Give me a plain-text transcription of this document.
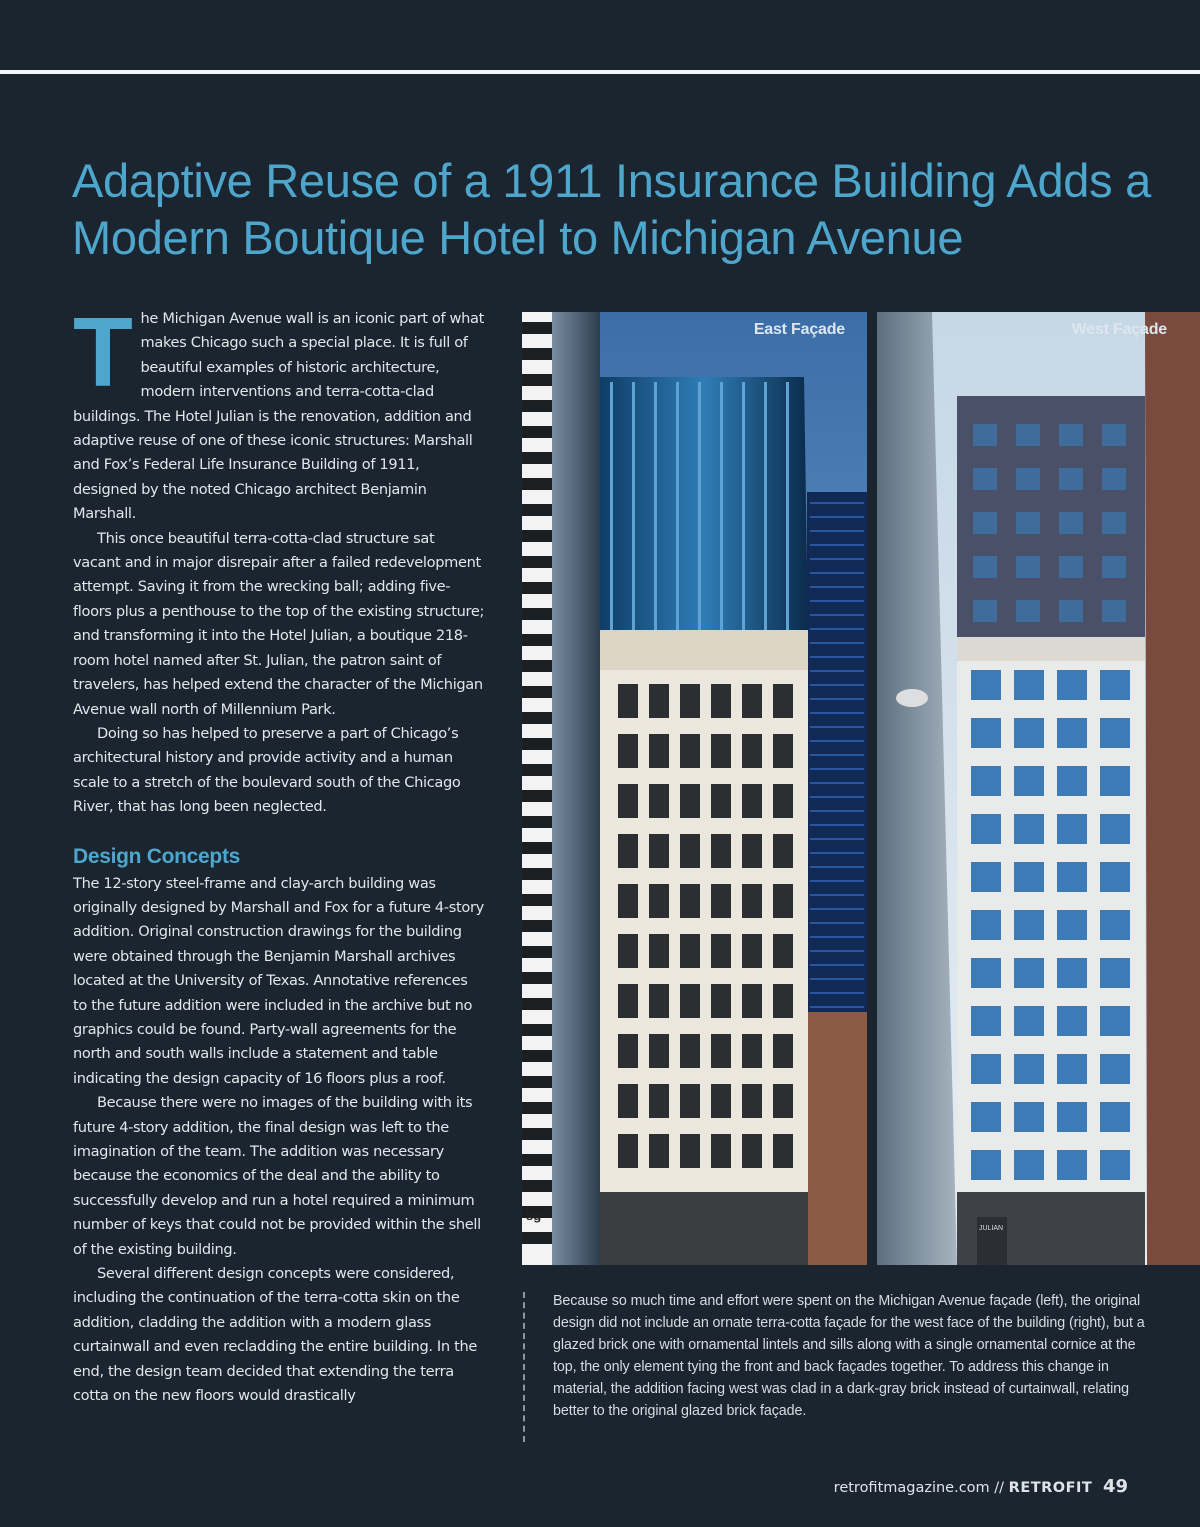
Adaptive Reuse of a 1911 Insurance Building Adds a Modern Boutique Hotel to Michigan Avenue

The Michigan Avenue wall is an iconic part of what makes Chicago such a special place. It is full of beautiful examples of historic architecture, modern interventions and terra-cotta-clad buildings. The Hotel Julian is the renovation, addition and adaptive reuse of one of these iconic structures: Marshall and Fox’s Federal Life Insurance Building of 1911, designed by the noted Chicago architect Benjamin Marshall.

This once beautiful terra-cotta-clad structure sat vacant and in major disrepair after a failed redevelopment attempt. Saving it from the wrecking ball; adding five-floors plus a penthouse to the top of the existing structure; and transforming it into the Hotel Julian, a boutique 218-room hotel named after St. Julian, the patron saint of travelers, has helped extend the character of the Michigan Avenue wall north of Millennium Park.

Doing so has helped to preserve a part of Chicago’s architectural history and provide activity and a human scale to a stretch of the boulevard south of the Chicago River, that has long been neglected.

Design Concepts

The 12-story steel-frame and clay-arch building was originally designed by Marshall and Fox for a future 4-story addition. Original construction drawings for the building were obtained through the Benjamin Marshall archives located at the University of Texas. Annotative references to the future addition were included in the archive but no graphics could be found. Party-wall agreements for the north and south walls include a statement and table indicating the design capacity of 16 floors plus a roof.

Because there were no images of the building with its future 4-story addition, the final design was left to the imagination of the team. The addition was necessary because the economics of the deal and the ability to successfully develop and run a hotel required a minimum number of keys that could not be provided within the shell of the existing building.

Several different design concepts were considered, including the continuation of the terra-cotta skin on the addition, cladding the addition with a modern glass curtainwall and even recladding the entire building. In the end, the design team decided that extending the terra cotta on the new floors would drastically

sg
East Façade
JULIAN
West Façade

Because so much time and effort were spent on the Michigan Avenue façade (left), the original design did not include an ornate terra-cotta façade for the west face of the building (right), but a glazed brick one with ornamental lintels and sills along with a single ornamental cornice at the top, the only element tying the front and back façades together. To address this change in material, the addition facing west was clad in a dark-gray brick instead of curtainwall, relating better to the original glazed brick façade.

retrofitmagazine.com // RETROFIT 49
